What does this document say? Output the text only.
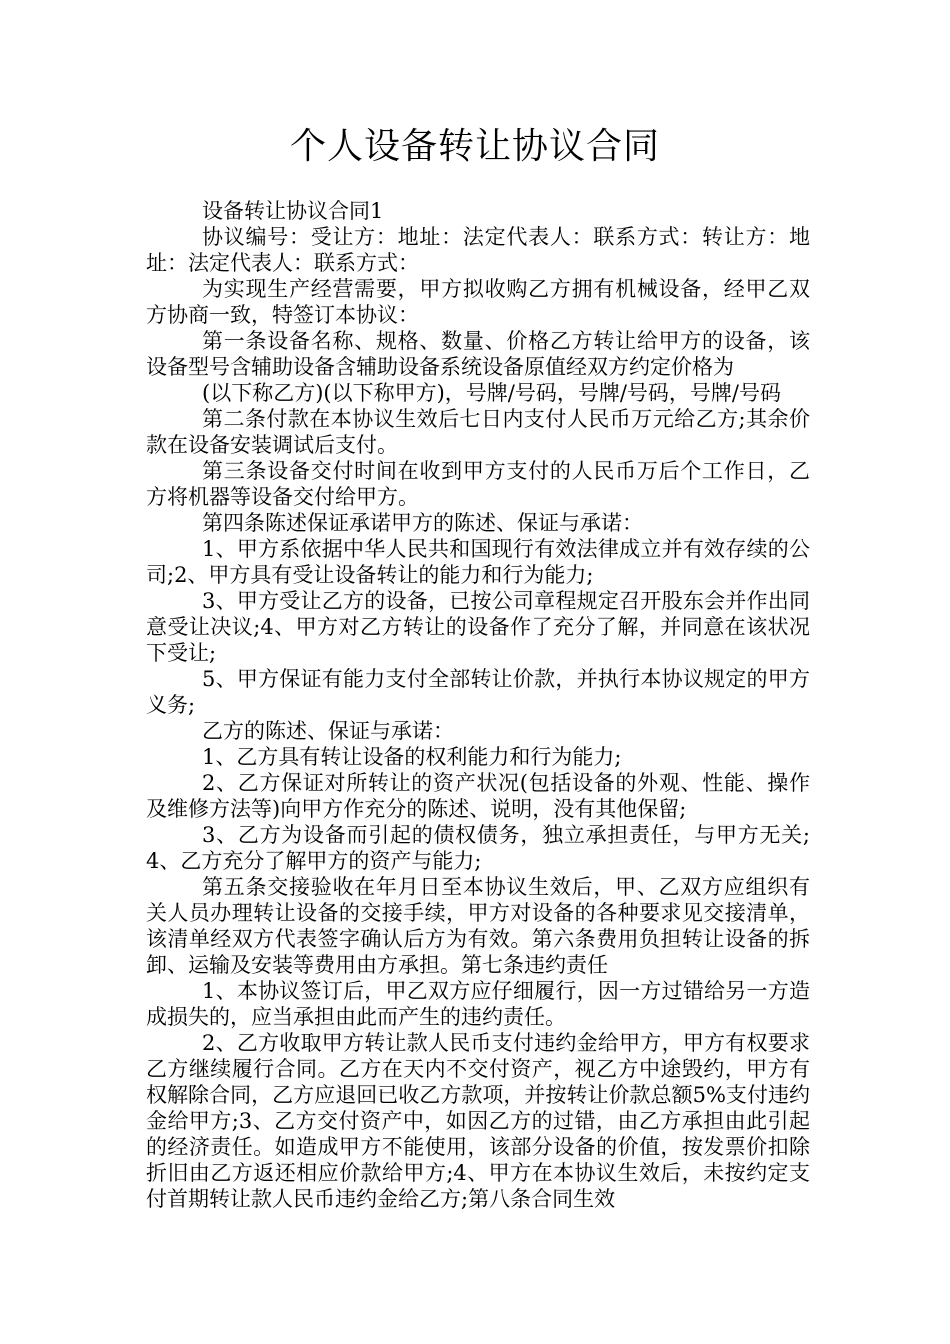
个人设备转让协议合同

设备转让协议合同1

协议编号：受让方：地址：法定代表人：联系方式：转让方：地址：法定代表人：联系方式：

为实现生产经营需要，甲方拟收购乙方拥有机械设备，经甲乙双方协商一致，特签订本协议：

第一条设备名称、规格、数量、价格乙方转让给甲方的设备，该设备型号含辅助设备含辅助设备系统设备原值经双方约定价格为

(以下称乙方)(以下称甲方)，号牌/号码，号牌/号码，号牌/号码

第二条付款在本协议生效后七日内支付人民币万元给乙方;其余价款在设备安装调试后支付。

第三条设备交付时间在收到甲方支付的人民币万后个工作日，乙方将机器等设备交付给甲方。

第四条陈述保证承诺甲方的陈述、保证与承诺：

1、甲方系依据中华人民共和国现行有效法律成立并有效存续的公司;2、甲方具有受让设备转让的能力和行为能力;

3、甲方受让乙方的设备，已按公司章程规定召开股东会并作出同意受让决议;4、甲方对乙方转让的设备作了充分了解，并同意在该状况下受让;

5、甲方保证有能力支付全部转让价款，并执行本协议规定的甲方义务;

乙方的陈述、保证与承诺：

1、乙方具有转让设备的权利能力和行为能力;

2、乙方保证对所转让的资产状况(包括设备的外观、性能、操作及维修方法等)向甲方作充分的陈述、说明，没有其他保留;

3、乙方为设备而引起的债权债务，独立承担责任，与甲方无关;4、乙方充分了解甲方的资产与能力;

第五条交接验收在年月日至本协议生效后，甲、乙双方应组织有关人员办理转让设备的交接手续，甲方对设备的各种要求见交接清单，该清单经双方代表签字确认后方为有效。第六条费用负担转让设备的拆卸、运输及安装等费用由方承担。第七条违约责任

1、本协议签订后，甲乙双方应仔细履行，因一方过错给另一方造成损失的，应当承担由此而产生的违约责任。

2、乙方收取甲方转让款人民币支付违约金给甲方，甲方有权要求乙方继续履行合同。乙方在天内不交付资产，视乙方中途毁约，甲方有权解除合同，乙方应退回已收乙方款项，并按转让价款总额5%支付违约金给甲方;3、乙方交付资产中，如因乙方的过错，由乙方承担由此引起的经济责任。如造成甲方不能使用，该部分设备的价值，按发票价扣除折旧由乙方返还相应价款给甲方;4、甲方在本协议生效后，未按约定支付首期转让款人民币违约金给乙方;第八条合同生效
